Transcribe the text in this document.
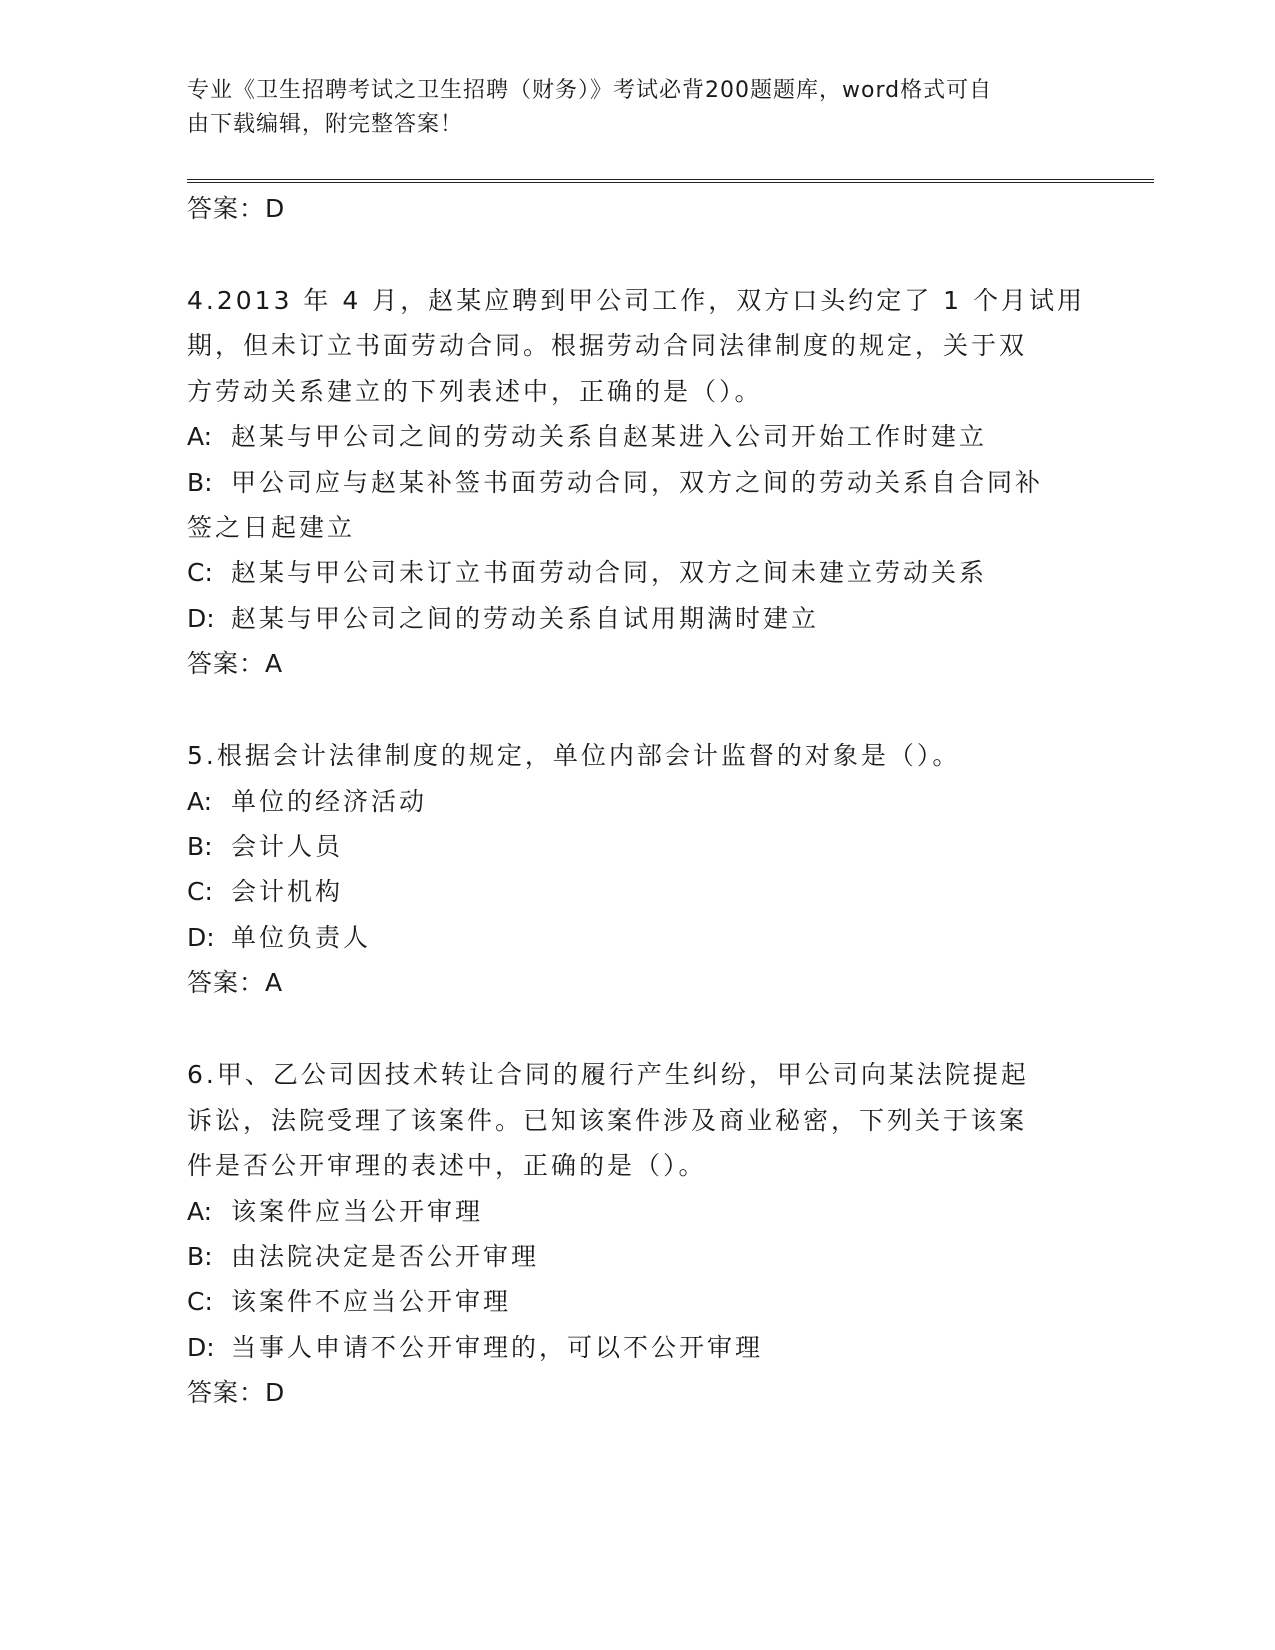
专业《卫生招聘考试之卫生招聘（财务）》考试必背200题题库，word格式可自
由下载编辑，附完整答案！
答案：D
4.2013 年 4 月，赵某应聘到甲公司工作，双方口头约定了 1 个月试用
期，但未订立书面劳动合同。根据劳动合同法律制度的规定，关于双
方劳动关系建立的下列表述中，正确的是（）。
A: 赵某与甲公司之间的劳动关系自赵某进入公司开始工作时建立
B: 甲公司应与赵某补签书面劳动合同，双方之间的劳动关系自合同补
签之日起建立
C: 赵某与甲公司未订立书面劳动合同，双方之间未建立劳动关系
D: 赵某与甲公司之间的劳动关系自试用期满时建立
答案：A
5.根据会计法律制度的规定，单位内部会计监督的对象是（）。
A: 单位的经济活动
B: 会计人员
C: 会计机构
D: 单位负责人
答案：A
6.甲、乙公司因技术转让合同的履行产生纠纷，甲公司向某法院提起
诉讼，法院受理了该案件。已知该案件涉及商业秘密，下列关于该案
件是否公开审理的表述中，正确的是（）。
A: 该案件应当公开审理
B: 由法院决定是否公开审理
C: 该案件不应当公开审理
D: 当事人申请不公开审理的，可以不公开审理
答案：D
